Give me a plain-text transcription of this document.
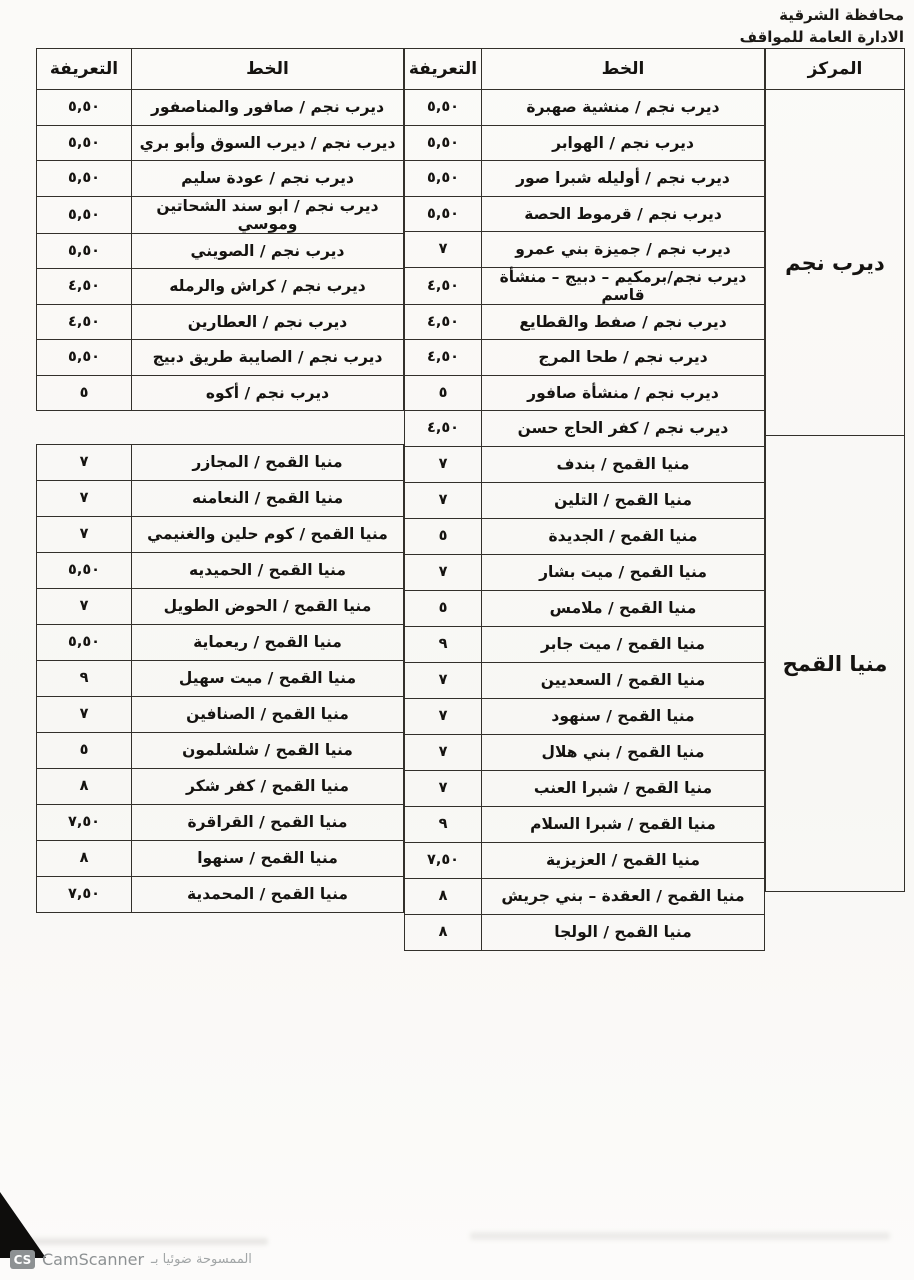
محافظة الشرقية
الادارة العامة للمواقف
المركز
ديرب نجم
منيا القمح
الخط	التعريفة
ديرب نجم / منشية صهبرة	٥,٥٠
ديرب نجم / الهوابر	٥,٥٠
ديرب نجم / أوليله شبرا صور	٥,٥٠
ديرب نجم / قرموط الحصة	٥,٥٠
ديرب نجم / جميزة بني عمرو	٧
ديرب نجم/برمكيم – دبيج – منشأة قاسم	٤,٥٠
ديرب نجم / صفط والقطايع	٤,٥٠
ديرب نجم / طحا المرج	٤,٥٠
ديرب نجم / منشأة صافور	٥
ديرب نجم / كفر الحاج حسن	٤,٥٠
منيا القمح / بندف	٧
منيا القمح / التلين	٧
منيا القمح / الجديدة	٥
منيا القمح / ميت بشار	٧
منيا القمح / ملامس	٥
منيا القمح / ميت جابر	٩
منيا القمح / السعديين	٧
منيا القمح / سنهود	٧
منيا القمح / بني هلال	٧
منيا القمح / شبرا العنب	٧
منيا القمح / شبرا السلام	٩
منيا القمح / العزيزية	٧,٥٠
منيا القمح / العقدة – بني جريش	٨
منيا القمح / الولجا	٨
الخط	التعريفة
ديرب نجم / صافور والمناصفور	٥,٥٠
ديرب نجم / ديرب السوق وأبو بري	٥,٥٠
ديرب نجم / عودة سليم	٥,٥٠
ديرب نجم / ابو سند الشحاتين وموسي	٥,٥٠
ديرب نجم / الصويني	٥,٥٠
ديرب نجم / كراش والرمله	٤,٥٠
ديرب نجم / العطارين	٤,٥٠
ديرب نجم / الصايبة طريق دبيج	٥,٥٠
ديرب نجم / أكوه	٥
منيا القمح / المجازر	٧
منيا القمح / النعامنه	٧
منيا القمح / كوم حلين والغنيمي	٧
منيا القمح / الحميديه	٥,٥٠
منيا القمح / الحوض الطويل	٧
منيا القمح / ريعماية	٥,٥٠
منيا القمح / ميت سهيل	٩
منيا القمح / الصنافين	٧
منيا القمح / شلشلمون	٥
منيا القمح / كفر شكر	٨
منيا القمح / القراقرة	٧,٥٠
منيا القمح / سنهوا	٨
منيا القمح / المحمدية	٧,٥٠
CS CamScanner الممسوحة ضوئيا بـ
